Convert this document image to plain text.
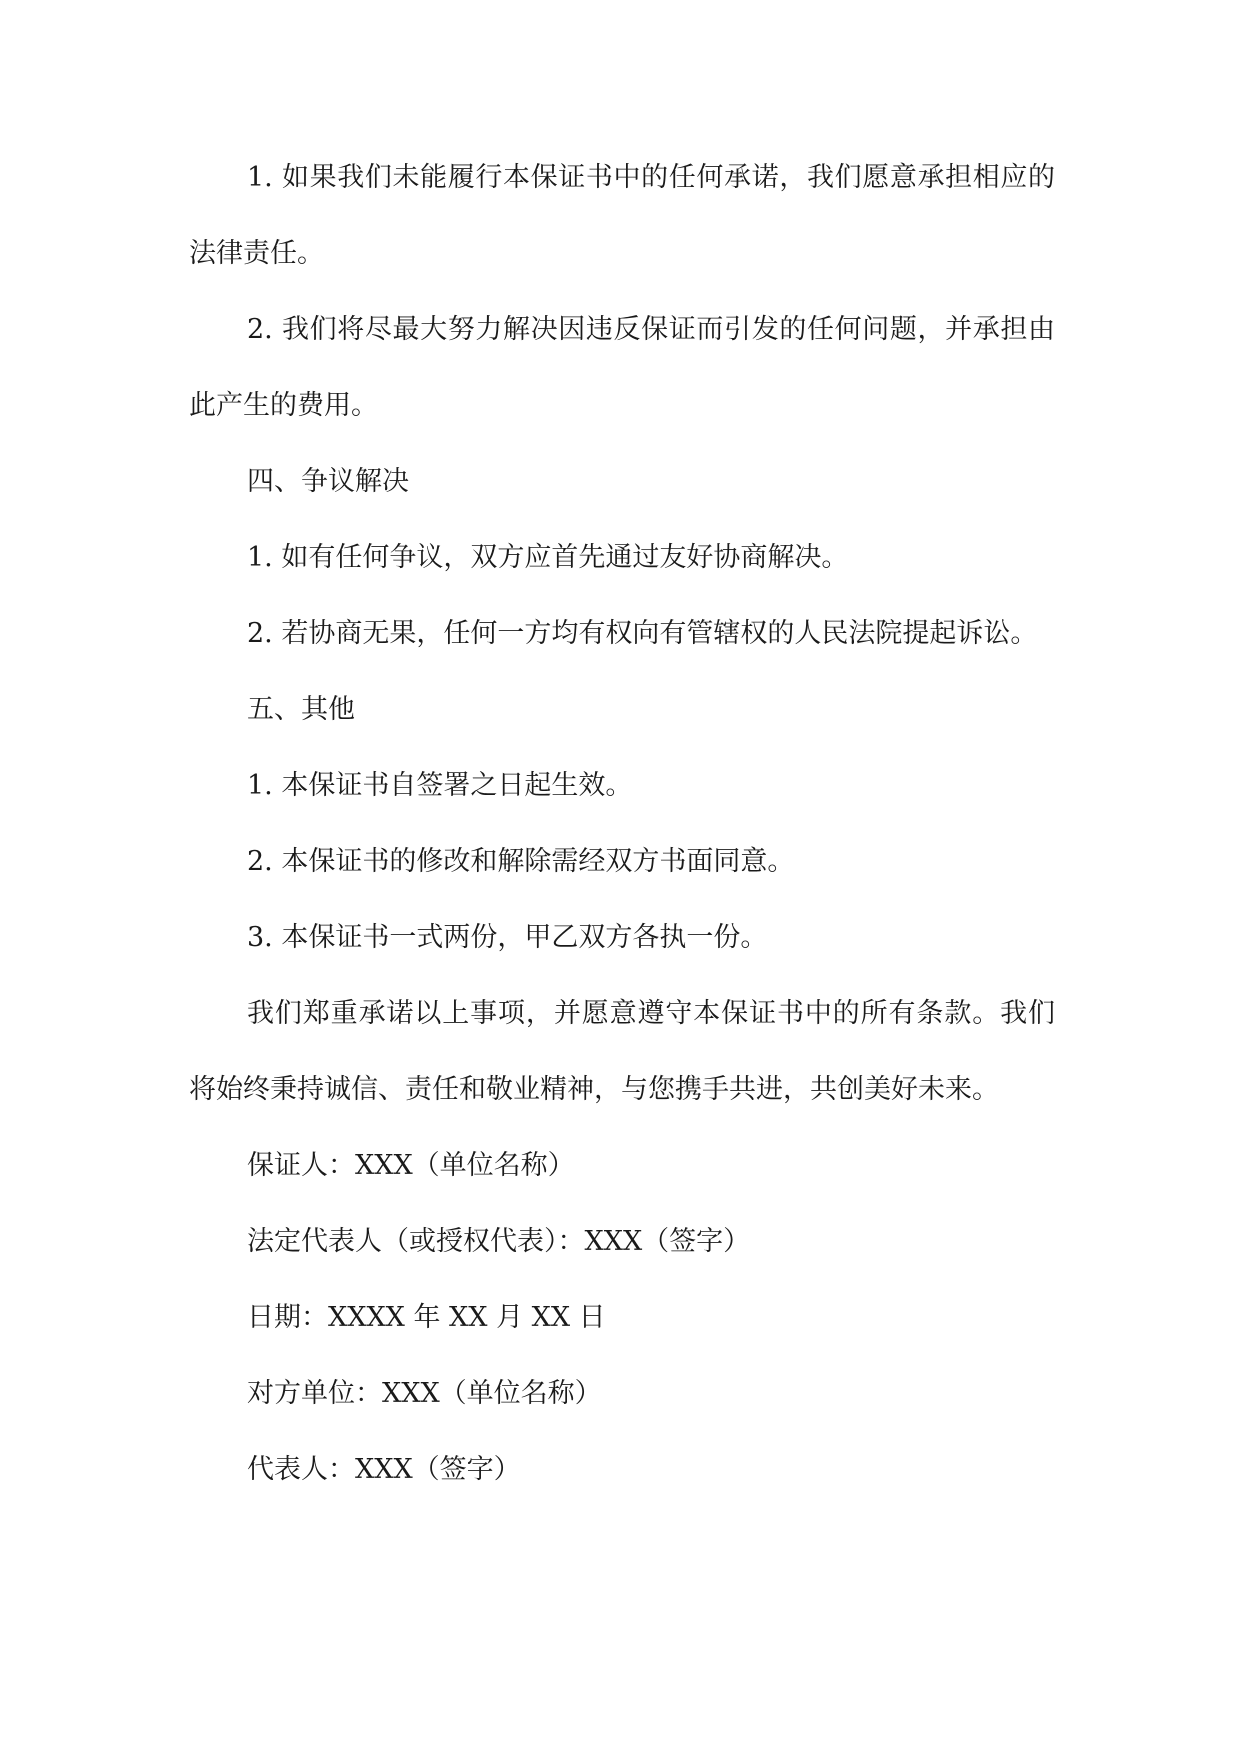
1. 如果我们未能履行本保证书中的任何承诺，我们愿意承担相应的法律责任。

2. 我们将尽最大努力解决因违反保证而引发的任何问题，并承担由此产生的费用。

四、争议解决

1. 如有任何争议，双方应首先通过友好协商解决。

2. 若协商无果，任何一方均有权向有管辖权的人民法院提起诉讼。

五、其他

1. 本保证书自签署之日起生效。

2. 本保证书的修改和解除需经双方书面同意。

3. 本保证书一式两份，甲乙双方各执一份。

我们郑重承诺以上事项，并愿意遵守本保证书中的所有条款。我们将始终秉持诚信、责任和敬业精神，与您携手共进，共创美好未来。

保证人：XXX（单位名称）

法定代表人（或授权代表）：XXX（签字）

日期：XXXX 年 XX 月 XX 日

对方单位：XXX（单位名称）

代表人：XXX（签字）
